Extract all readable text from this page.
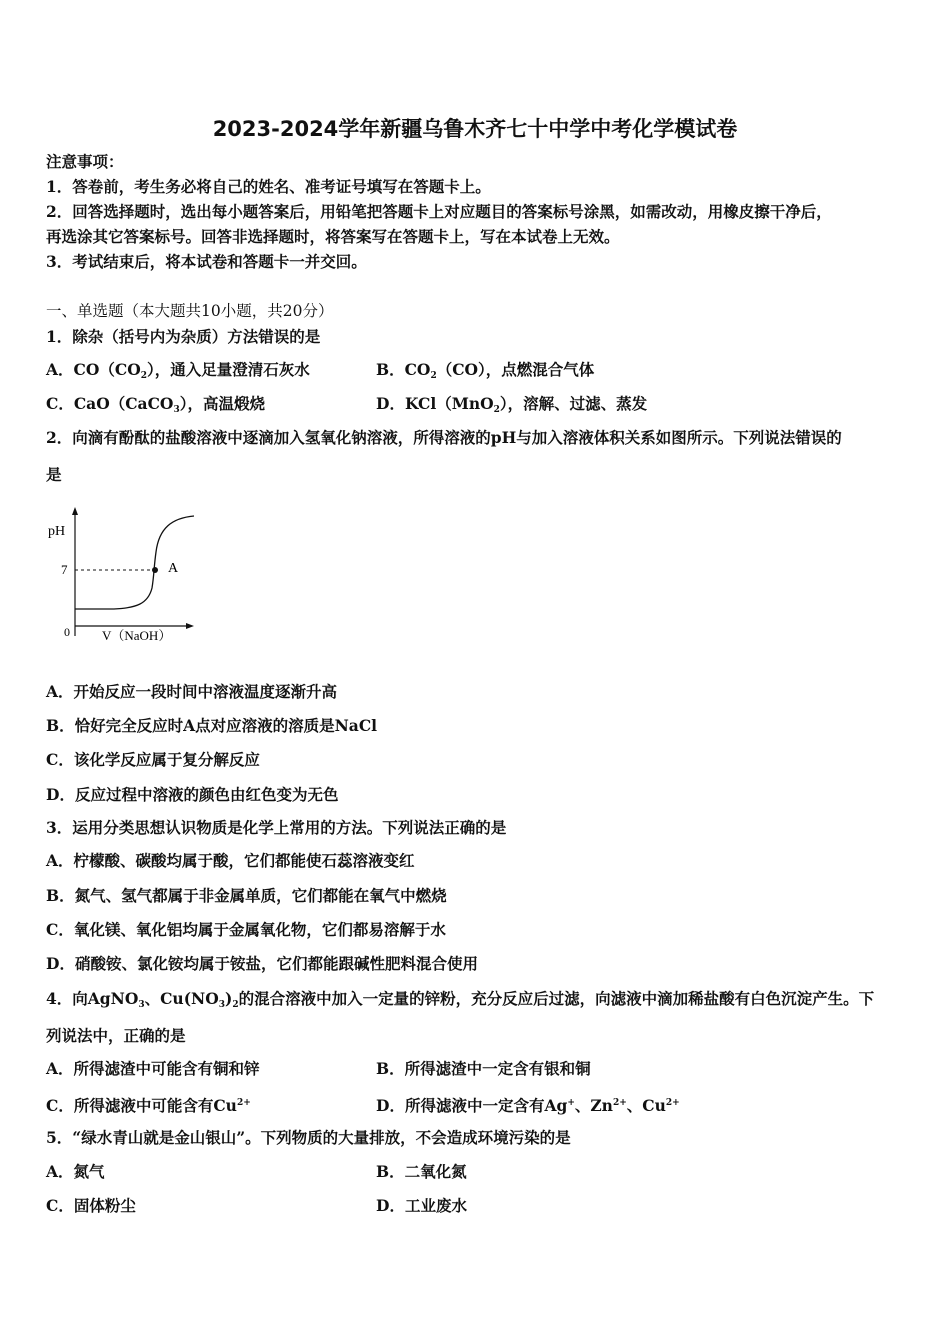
2023-2024学年新疆乌鲁木齐七十中学中考化学模试卷
注意事项：
1．答卷前，考生务必将自己的姓名、准考证号填写在答题卡上。
2．回答选择题时，选出每小题答案后，用铅笔把答题卡上对应题目的答案标号涂黑，如需改动，用橡皮擦干净后，
再选涂其它答案标号。回答非选择题时，将答案写在答题卡上，写在本试卷上无效。
3．考试结束后，将本试卷和答题卡一并交回。
一、单选题（本大题共10小题，共20分）
1．除杂（括号内为杂质）方法错误的是
A．$CO(CO_2)$，通入足量澄清石灰水	B．$CO_2(CO)$，点燃混合气体
C．CaO（CaCO$_3$），高温煅烧	D．KCl（MnO$_2$），溶解、过滤、蒸发
2．向滴有酚酞的盐酸溶液中逐滴加入氢氧化钠溶液，所得溶液的pH与加入溶液体积关系如图所示。下列说法错误的
是
pH
7
0 V（NaOH）
A
A．开始反应一段时间中溶液温度逐渐升高
B．恰好完全反应时A点对应溶液的溶质是NaCl
C．该化学反应属于复分解反应
D．反应过程中溶液的颜色由红色变为无色
3．运用分类思想认识物质是化学上常用的方法。下列说法正确的是
A．柠檬酸、碳酸均属于酸，它们都能使石蕊溶液变红
B．氮气、氢气都属于非金属单质，它们都能在氧气中燃烧
C．氧化镁、氧化铝均属于金属氧化物，它们都易溶解于水
D．硝酸铵、氯化铵均属于铵盐，它们都能跟碱性肥料混合使用
4．向AgNO$_3$、$Cu(NO_3)_2$的混合溶液中加入一定量的锌粉，充分反应后过滤，向滤液中滴加稀盐酸有白色沉淀产生。下
列说法中，正确的是
A．所得滤渣中可能含有铜和锌	B．所得滤渣中一定含有银和铜
C．所得滤液中可能含有$Cu^{2+}$	D．所得滤液中一定含有Ag+、$Zn^{2+}$、$Cu^{2+}$
5．“绿水青山就是金山银山”。下列物质的大量排放，不会造成环境污染的是
A．氮气	B．二氧化氮
C．固体粉尘	D．工业废水
